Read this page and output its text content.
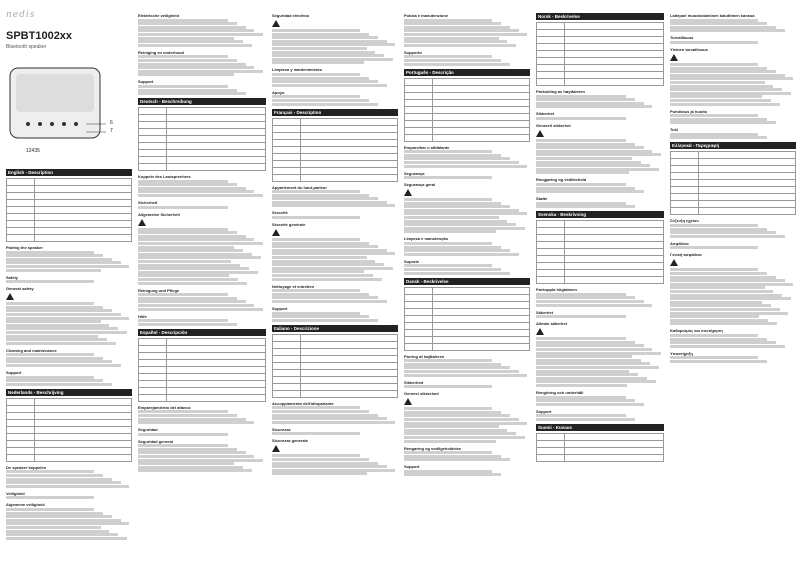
nedis
SPBT1002xx
Bluetooth speaker
12435
6
7
English - Description

Pairing the speaker
Safety
General safety
Cleaning and maintenance
Support
Nederlands - Beschrijving

De speaker koppelen
Veiligheid
Algemene veiligheid
Elektrische veiligheid
Reiniging en onderhoud
Support
Deutsch - Beschreibung

Koppeln des Lautsprechers
Sicherheit
Allgemeine Sicherheit
Reinigung und Pflege
Hilfe
Español - Descripción

Emparejamiento del altavoz
Seguridad
Seguridad general
Seguridad eléctrica
Limpieza y mantenimiento
Apoyo
Français - Description

Appariement du haut-parleur
Sécurité
Sécurité générale
Nettoyage et entretien
Support
Italiano - Descrizione

Accoppiamento dell'altoparlante
Sicurezza
Sicurezza generale
Pulizia e manutenzione
Supporto
Português - Descrição

Emparelhar o altifalante
Segurança
Segurança geral
Limpeza e manutenção
Suporte
Dansk - Beskrivelse

Parring af højttaleren
Sikkerhed
Generel sikkerhed
Rengøring og vedligeholdelse
Support
Norsk - Beskrivelse

Parkobling av høyttaleren
Sikkerhet
Generell sikkerhet
Rengjøring og vedlikehold
Støtte
Svenska - Beskrivning

Parkoppla högtalaren
Säkerhet
Allmän säkerhet
Rengöring och underhåll
Support
Suomi - Kuvaus

Laitepari muodostaminen kaiuttimen kanssa
Turvallisuus
Yleinen turvallisuus
Puhdistus ja huolto
Tuki
Ελληνικά - Περιγραφή

Σύζευξη ηχείου
Ασφάλεια
Γενική ασφάλεια
Καθαρισμός και συντήρηση
Υποστήριξη
